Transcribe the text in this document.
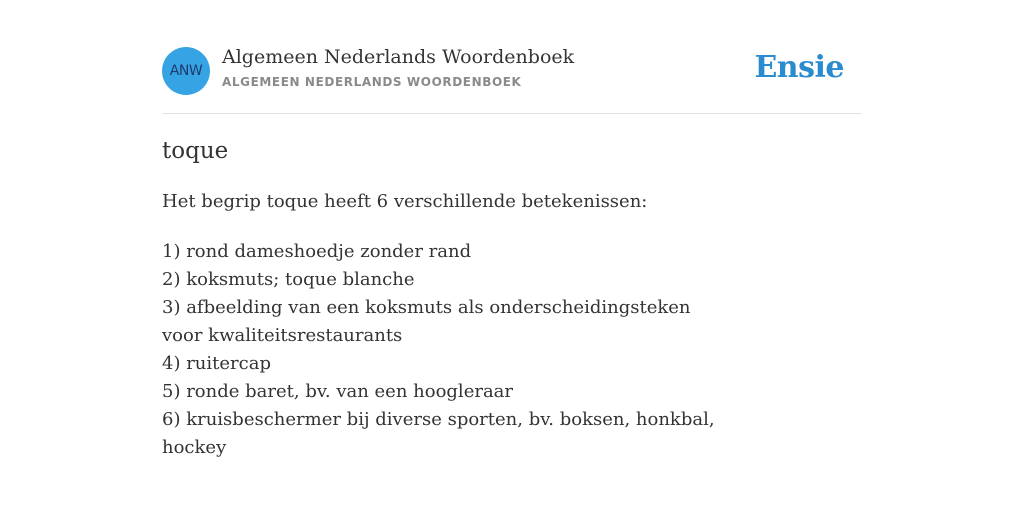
ANW
Algemeen Nederlands Woordenboek
ALGEMEEN NEDERLANDS WOORDENBOEK	Ensie
toque

Het begrip toque heeft 6 verschillende betekenissen:

1) rond dameshoedje zonder rand
2) koksmuts; toque blanche
3) afbeelding van een koksmuts als onderscheidingsteken voor kwaliteitsrestaurants
4) ruitercap
5) ronde baret, bv. van een hoogleraar
6) kruisbeschermer bij diverse sporten, bv. boksen, honkbal, hockey
